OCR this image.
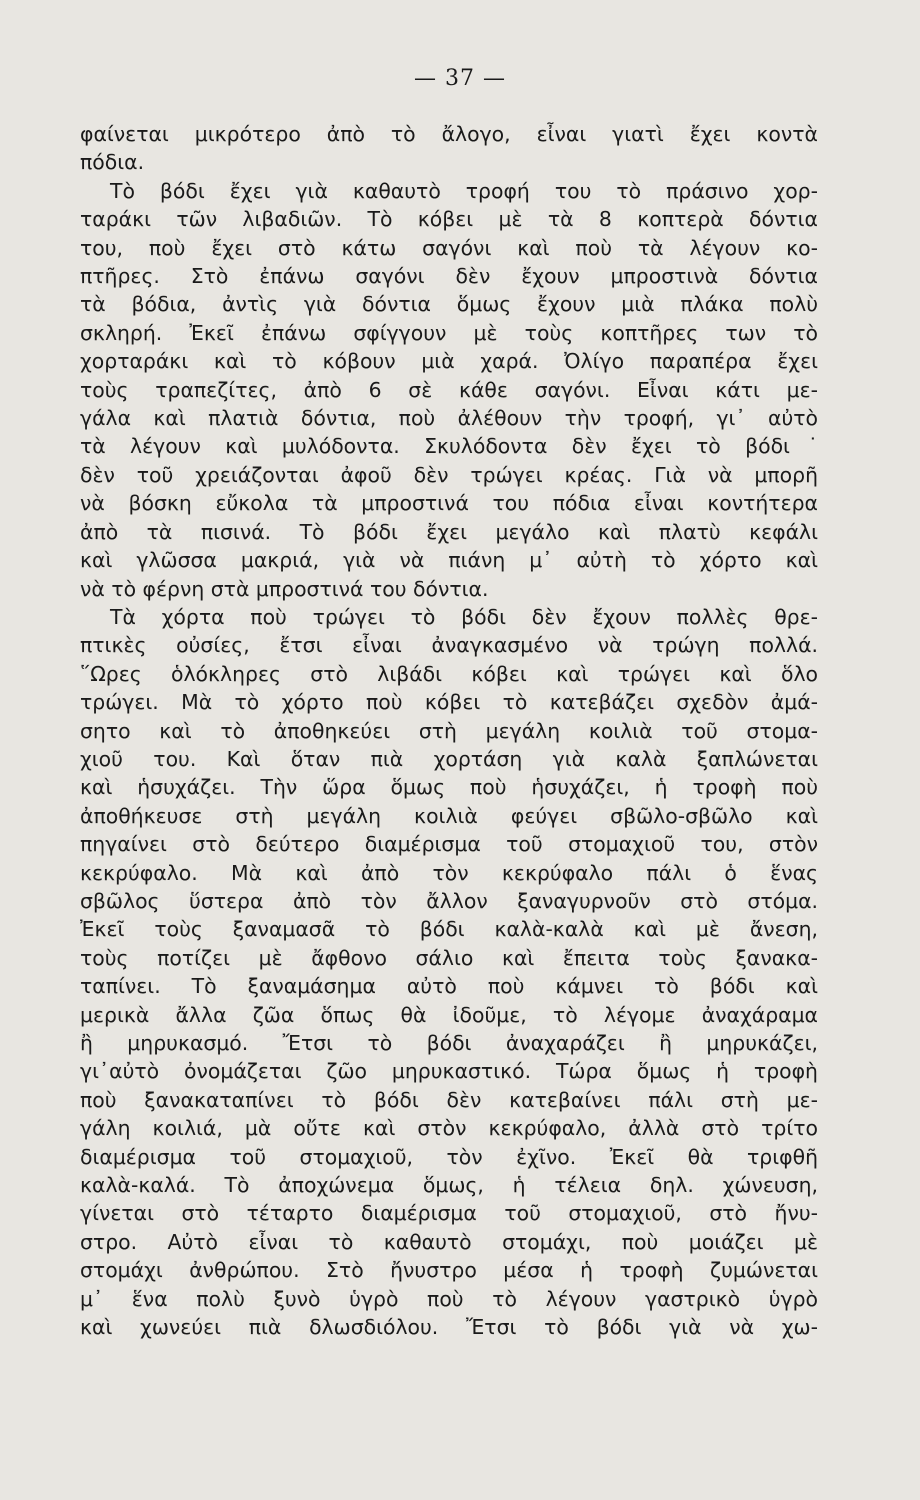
— 37 —
φαίνεται μικρότερο ἀπὸ τὸ ἄλογο, εἶναι γιατὶ ἔχει κοντὰ
πόδια.
Τὸ βόδι ἔχει γιὰ καθαυτὸ τροφή του τὸ πράσινο χορ-
ταράκι τῶν λιβαδιῶν. Τὸ κόβει μὲ τὰ 8 κοπτερὰ δόντια
του, ποὺ ἔχει στὸ κάτω σαγόνι καὶ ποὺ τὰ λέγουν κο-
πτῆρες. Στὸ ἐπάνω σαγόνι δὲν ἔχουν μπροστινὰ δόντια
τὰ βόδια, ἀντὶς γιὰ δόντια ὅμως ἔχουν μιὰ πλάκα πολὺ
σκληρή. Ἐκεῖ ἐπάνω σφίγγουν μὲ τοὺς κοπτῆρες των τὸ
χορταράκι καὶ τὸ κόβουν μιὰ χαρά. Ὀλίγο παραπέρα ἔχει
τοὺς τραπεζίτες, ἀπὸ 6 σὲ κάθε σαγόνι. Εἶναι κάτι με-
γάλα καὶ πλατιὰ δόντια, ποὺ ἀλέθουν τὴν τροφή, γι᾿ αὐτὸ
τὰ λέγουν καὶ μυλόδοντα. Σκυλόδοντα δὲν ἔχει τὸ βόδι˙
δὲν τοῦ χρειάζονται ἀφοῦ δὲν τρώγει κρέας. Γιὰ νὰ μπορῆ
νὰ βόσκη εὔκολα τὰ μπροστινά του πόδια εἶναι κοντήτερα
ἀπὸ τὰ πισινά. Τὸ βόδι ἔχει μεγάλο καὶ πλατὺ κεφάλι
καὶ γλῶσσα μακριά, γιὰ νὰ πιάνη μ᾿ αὐτὴ τὸ χόρτο καὶ
νὰ τὸ φέρνη στὰ μπροστινά του δόντια.
Τὰ χόρτα ποὺ τρώγει τὸ βόδι δὲν ἔχουν πολλὲς θρε-
πτικὲς οὐσίες, ἔτσι εἶναι ἀναγκασμένο νὰ τρώγη πολλά.
῞Ωρες ὁλόκληρες στὸ λιβάδι κόβει καὶ τρώγει καὶ ὅλο
τρώγει. Μὰ τὸ χόρτο ποὺ κόβει τὸ κατεβάζει σχεδὸν ἀμά-
σητο καὶ τὸ ἀποθηκεύει στὴ μεγάλη κοιλιὰ τοῦ στομα-
χιοῦ του. Καὶ ὅταν πιὰ χορτάση γιὰ καλὰ ξαπλώνεται
καὶ ἡσυχάζει. Τὴν ὥρα ὅμως ποὺ ἡσυχάζει, ἡ τροφὴ ποὺ
ἀποθήκευσε στὴ μεγάλη κοιλιὰ φεύγει σβῶλο-σβῶλο καὶ
πηγαίνει στὸ δεύτερο διαμέρισμα τοῦ στομαχιοῦ του, στὸν
κεκρύφαλο. Μὰ καὶ ἀπὸ τὸν κεκρύφαλο πάλι ὁ ἕνας
σβῶλος ὕστερα ἀπὸ τὸν ἄλλον ξαναγυρνοῦν στὸ στόμα.
Ἐκεῖ τοὺς ξαναμασᾶ τὸ βόδι καλὰ-καλὰ καὶ μὲ ἄνεση,
τοὺς ποτίζει μὲ ἄφθονο σάλιο καὶ ἔπειτα τοὺς ξανακα-
ταπίνει. Τὸ ξαναμάσημα αὐτὸ ποὺ κάμνει τὸ βόδι καὶ
μερικὰ ἄλλα ζῶα ὅπως θὰ ἰδοῦμε, τὸ λέγομε ἀναχάραμα
ἢ μηρυκασμό. Ἔτσι τὸ βόδι ἀναχαράζει ἢ μηρυκάζει,
γι᾿αὐτὸ ὀνομάζεται ζῶο μηρυκαστικό. Τώρα ὅμως ἡ τροφὴ
ποὺ ξανακαταπίνει τὸ βόδι δὲν κατεβαίνει πάλι στὴ με-
γάλη κοιλιά, μὰ οὔτε καὶ στὸν κεκρύφαλο, ἀλλὰ στὸ τρίτο
διαμέρισμα τοῦ στομαχιοῦ, τὸν ἐχῖνο. Ἐκεῖ θὰ τριφθῆ
καλὰ-καλά. Τὸ ἀποχώνεμα ὅμως, ἡ τέλεια δηλ. χώνευση,
γίνεται στὸ τέταρτο διαμέρισμα τοῦ στομαχιοῦ, στὸ ἤνυ-
στρο. Αὐτὸ εἶναι τὸ καθαυτὸ στομάχι, ποὺ μοιάζει μὲ
στομάχι ἀνθρώπου. Στὸ ἤνυστρο μέσα ἡ τροφὴ ζυμώνεται
μ᾿ ἕνα πολὺ ξυνὸ ὑγρὸ ποὺ τὸ λέγουν γαστρικὸ ὑγρὸ
καὶ χωνεύει πιὰ δλωσδιόλου. Ἔτσι τὸ βόδι γιὰ νὰ χω-
